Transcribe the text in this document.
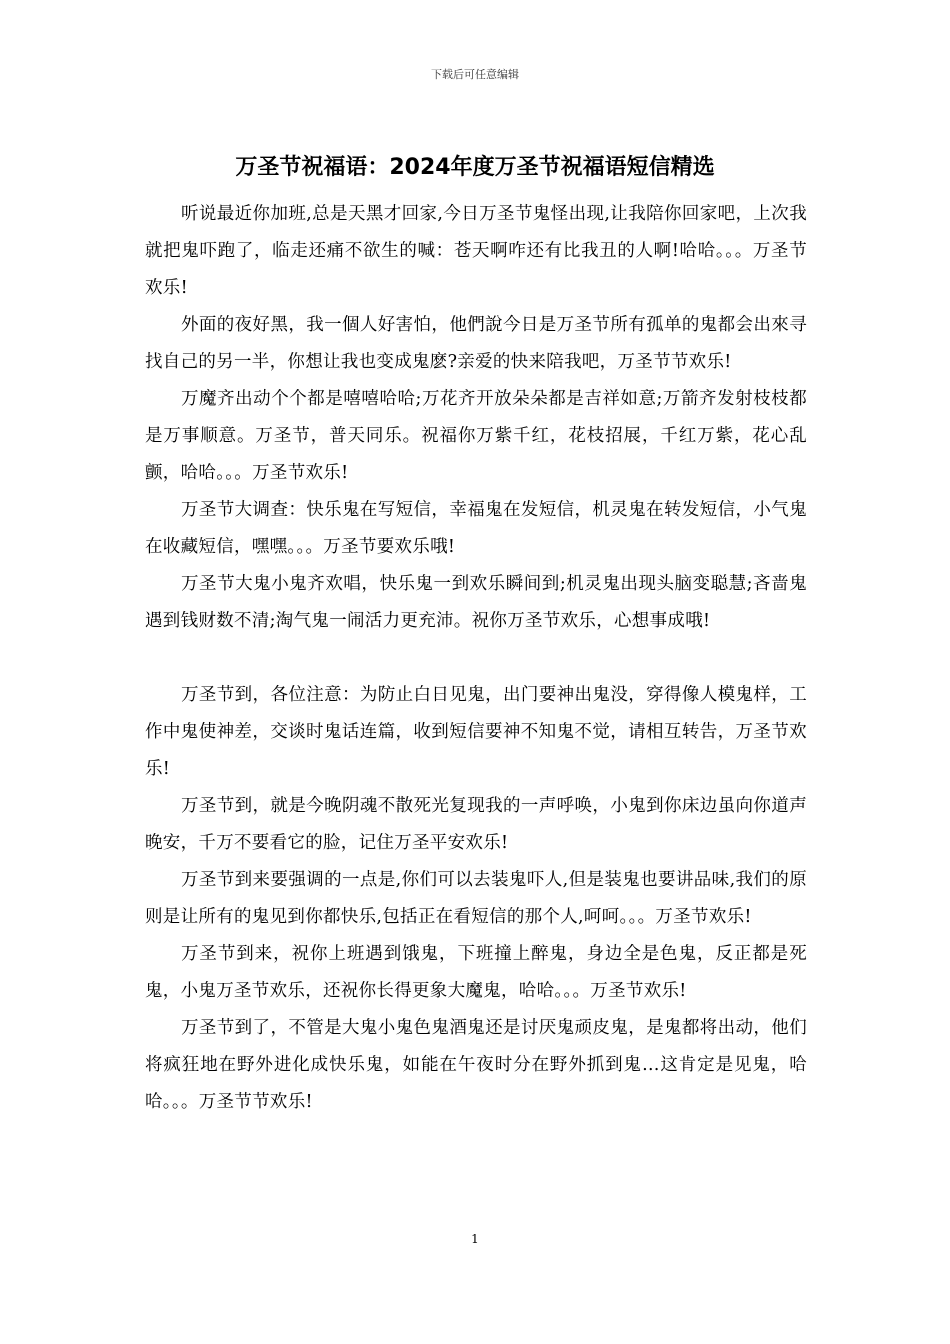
下载后可任意编辑
万圣节祝福语：2024年度万圣节祝福语短信精选

听说最近你加班,总是天黑才回家,今日万圣节鬼怪出现,让我陪你回家吧，上次我就把鬼吓跑了，临走还痛不欲生的喊：苍天啊咋还有比我丑的人啊!哈哈。。。万圣节欢乐!

外面的夜好黑，我一個人好害怕，他們說今日是万圣节所有孤单的鬼都会出來寻找自己的另一半，你想让我也变成鬼麽?亲爱的快来陪我吧，万圣节节欢乐!

万魔齐出动个个都是嘻嘻哈哈;万花齐开放朵朵都是吉祥如意;万箭齐发射枝枝都是万事顺意。万圣节，普天同乐。祝福你万紫千红，花枝招展，千红万紫，花心乱颤，哈哈。。。万圣节欢乐!

万圣节大调查：快乐鬼在写短信，幸福鬼在发短信，机灵鬼在转发短信，小气鬼在收藏短信，嘿嘿。。。万圣节要欢乐哦!

万圣节大鬼小鬼齐欢唱，快乐鬼一到欢乐瞬间到;机灵鬼出现头脑变聪慧;吝啬鬼遇到钱财数不清;淘气鬼一闹活力更充沛。祝你万圣节欢乐，心想事成哦!

万圣节到，各位注意：为防止白日见鬼，出门要神出鬼没，穿得像人模鬼样，工作中鬼使神差，交谈时鬼话连篇，收到短信要神不知鬼不觉，请相互转告，万圣节欢乐!

万圣节到，就是今晚阴魂不散死光复现我的一声呼唤，小鬼到你床边虽向你道声晚安，千万不要看它的脸，记住万圣平安欢乐!

万圣节到来要强调的一点是,你们可以去装鬼吓人,但是装鬼也要讲品味,我们的原则是让所有的鬼见到你都快乐,包括正在看短信的那个人,呵呵。。。万圣节欢乐!

万圣节到来，祝你上班遇到饿鬼，下班撞上醉鬼，身边全是色鬼，反正都是死鬼，小鬼万圣节欢乐，还祝你长得更象大魔鬼，哈哈。。。万圣节欢乐!

万圣节到了，不管是大鬼小鬼色鬼酒鬼还是讨厌鬼顽皮鬼，是鬼都将出动，他们将疯狂地在野外进化成快乐鬼，如能在午夜时分在野外抓到鬼…这肯定是见鬼，哈哈。。。万圣节节欢乐!

1
